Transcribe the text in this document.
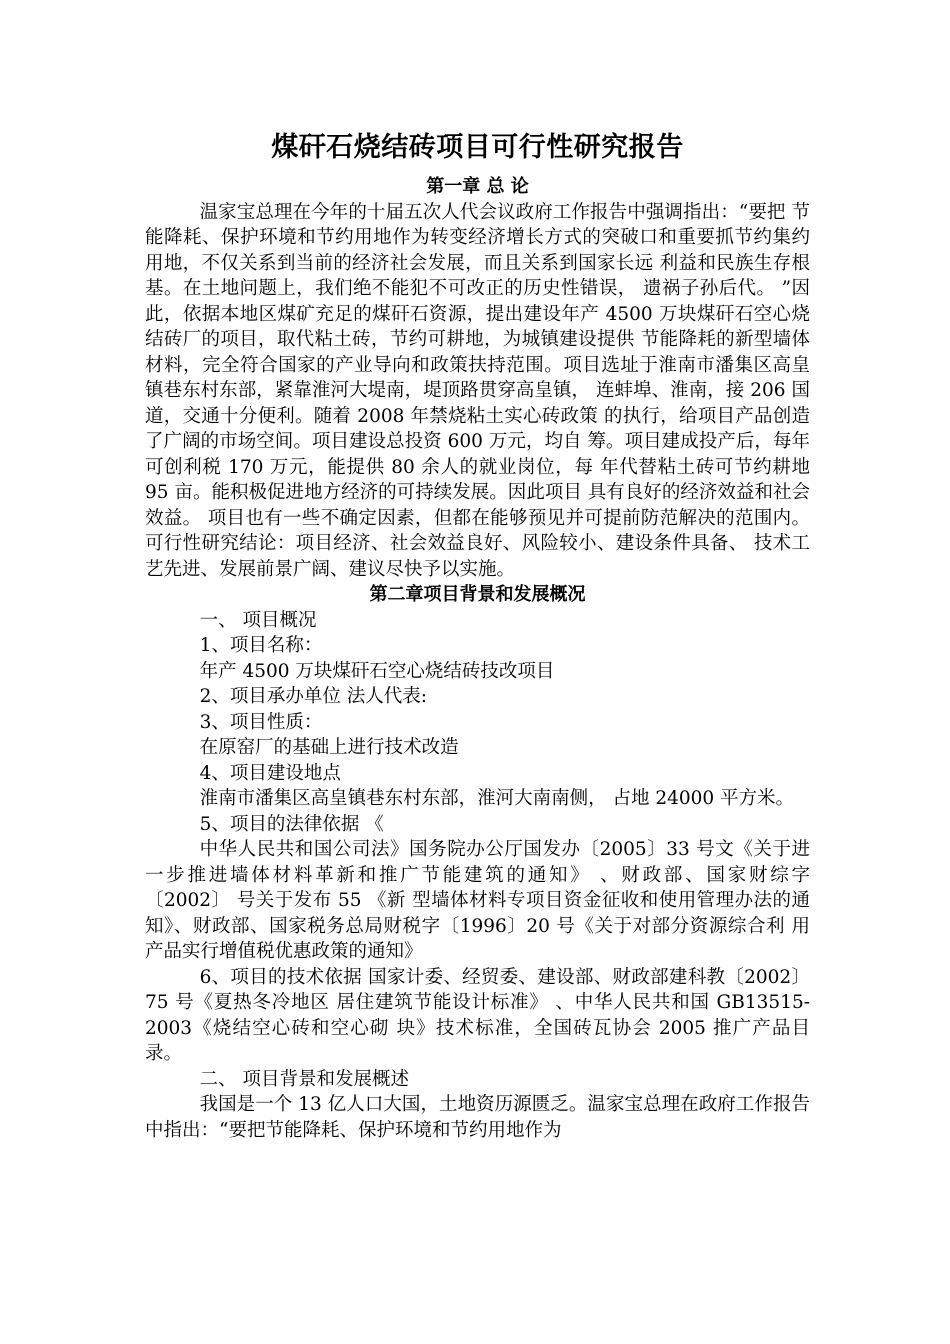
煤矸石烧结砖项目可行性研究报告
第一章 总 论

温家宝总理在今年的十届五次人代会议政府工作报告中强调指出：“要把 节能降耗、保护环境和节约用地作为转变经济增长方式的突破口和重要抓节约集约用地，不仅关系到当前的经济社会发展，而且关系到国家长远 利益和民族生存根基。在土地问题上，我们绝不能犯不可改正的历史性错误， 遗祸子孙后代。 ”因此，依据本地区煤矿充足的煤矸石资源，提出建设年产 4500 万块煤矸石空心烧结砖厂的项目，取代粘土砖，节约可耕地，为城镇建设提供 节能降耗的新型墙体材料，完全符合国家的产业导向和政策扶持范围。项目选址于淮南市潘集区高皇镇巷东村东部，紧靠淮河大堤南，堤顶路贯穿高皇镇， 连蚌埠、淮南，接 206 国道，交通十分便利。随着 2008 年禁烧粘土实心砖政策 的执行，给项目产品创造了广阔的市场空间。项目建设总投资 600 万元，均自 筹。项目建成投产后，每年可创利税 170 万元，能提供 80 余人的就业岗位，每 年代替粘土砖可节约耕地 95 亩。能积极促进地方经济的可持续发展。因此项目 具有良好的经济效益和社会效益。 项目也有一些不确定因素，但都在能够预见并可提前防范解决的范围内。可行性研究结论：项目经济、社会效益良好、风险较小、建设条件具备、 技术工艺先进、发展前景广阔、建议尽快予以实施。

第二章项目背景和发展概况

一、 项目概况

1、项目名称：

年产 4500 万块煤矸石空心烧结砖技改项目

2、项目承办单位 法人代表:

3、项目性质：

在原窑厂的基础上进行技术改造

4、项目建设地点

淮南市潘集区高皇镇巷东村东部，淮河大南南侧， 占地 24000 平方米。

5、项目的法律依据 《

中华人民共和国公司法》国务院办公厅国发办〔2005〕33 号文《关于进 一步推进墙体材料革新和推广节能建筑的通知》 、财政部、国家财综字 〔2002〕 号关于发布 55 《新 型墙体材料专项目资金征收和使用管理办法的通知》、财政部、国家税务总局财税字〔1996〕20 号《关于对部分资源综合利 用产品实行增值税优惠政策的通知》

6、项目的技术依据 国家计委、经贸委、建设部、财政部建科教〔2002〕75 号《夏热冬冷地区 居住建筑节能设计标准》 、中华人民共和国 GB13515-2003《烧结空心砖和空心砌 块》技术标准，全国砖瓦协会 2005 推广产品目录。

二、 项目背景和发展概述

我国是一个 13 亿人口大国，土地资历源匮乏。温家宝总理在政府工作报告 中指出：“要把节能降耗、保护环境和节约用地作为
